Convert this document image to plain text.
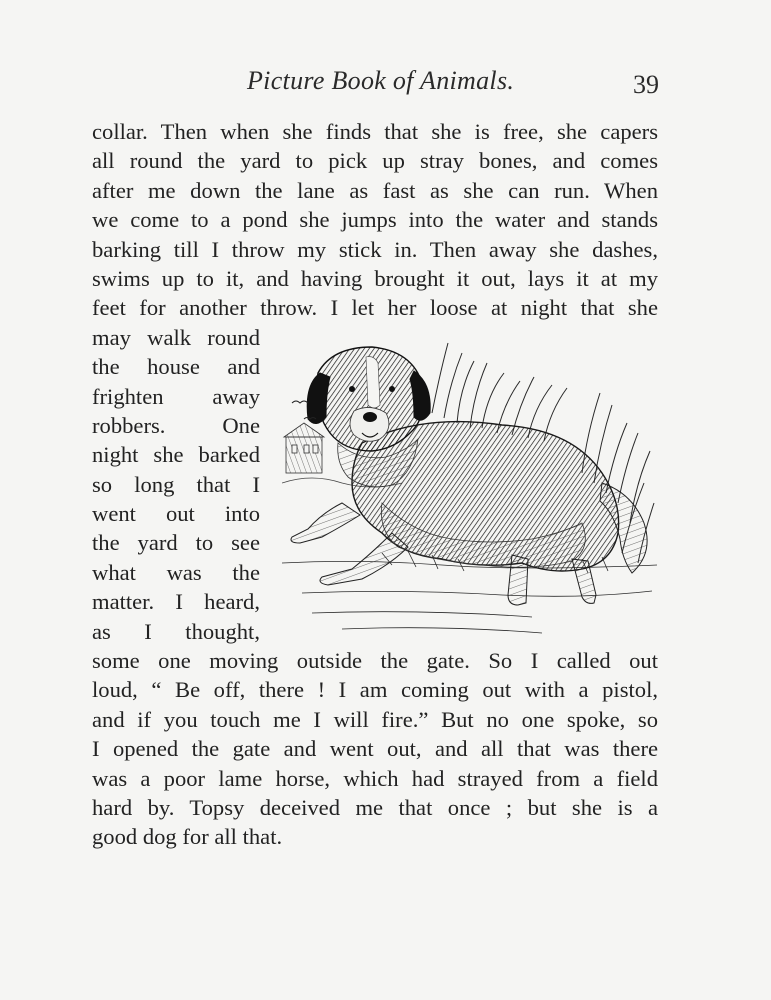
Picture Book of Animals.	39
collar. Then when she finds that she is free, she capers
all round the yard to pick up stray bones, and comes
after me down the lane as fast as she can run. When
we come to a pond she jumps into the water and stands
barking till I throw my stick in. Then away she dashes,
swims up to it, and having brought it out, lays it at my
feet for another throw. I let her loose at night that she
may walk round
the house and
frighten away
robbers. One
night she barked
so long that I
went out into
the yard to see
what was the
matter. I heard,
as I thought,
some one moving outside the gate. So I called out
loud, “ Be off, there ! I am coming out with a pistol,
and if you touch me I will fire.” But no one spoke, so
I opened the gate and went out, and all that was there
was a poor lame horse, which had strayed from a field
hard by. Topsy deceived me that once ; but she is a
good dog for all that.
